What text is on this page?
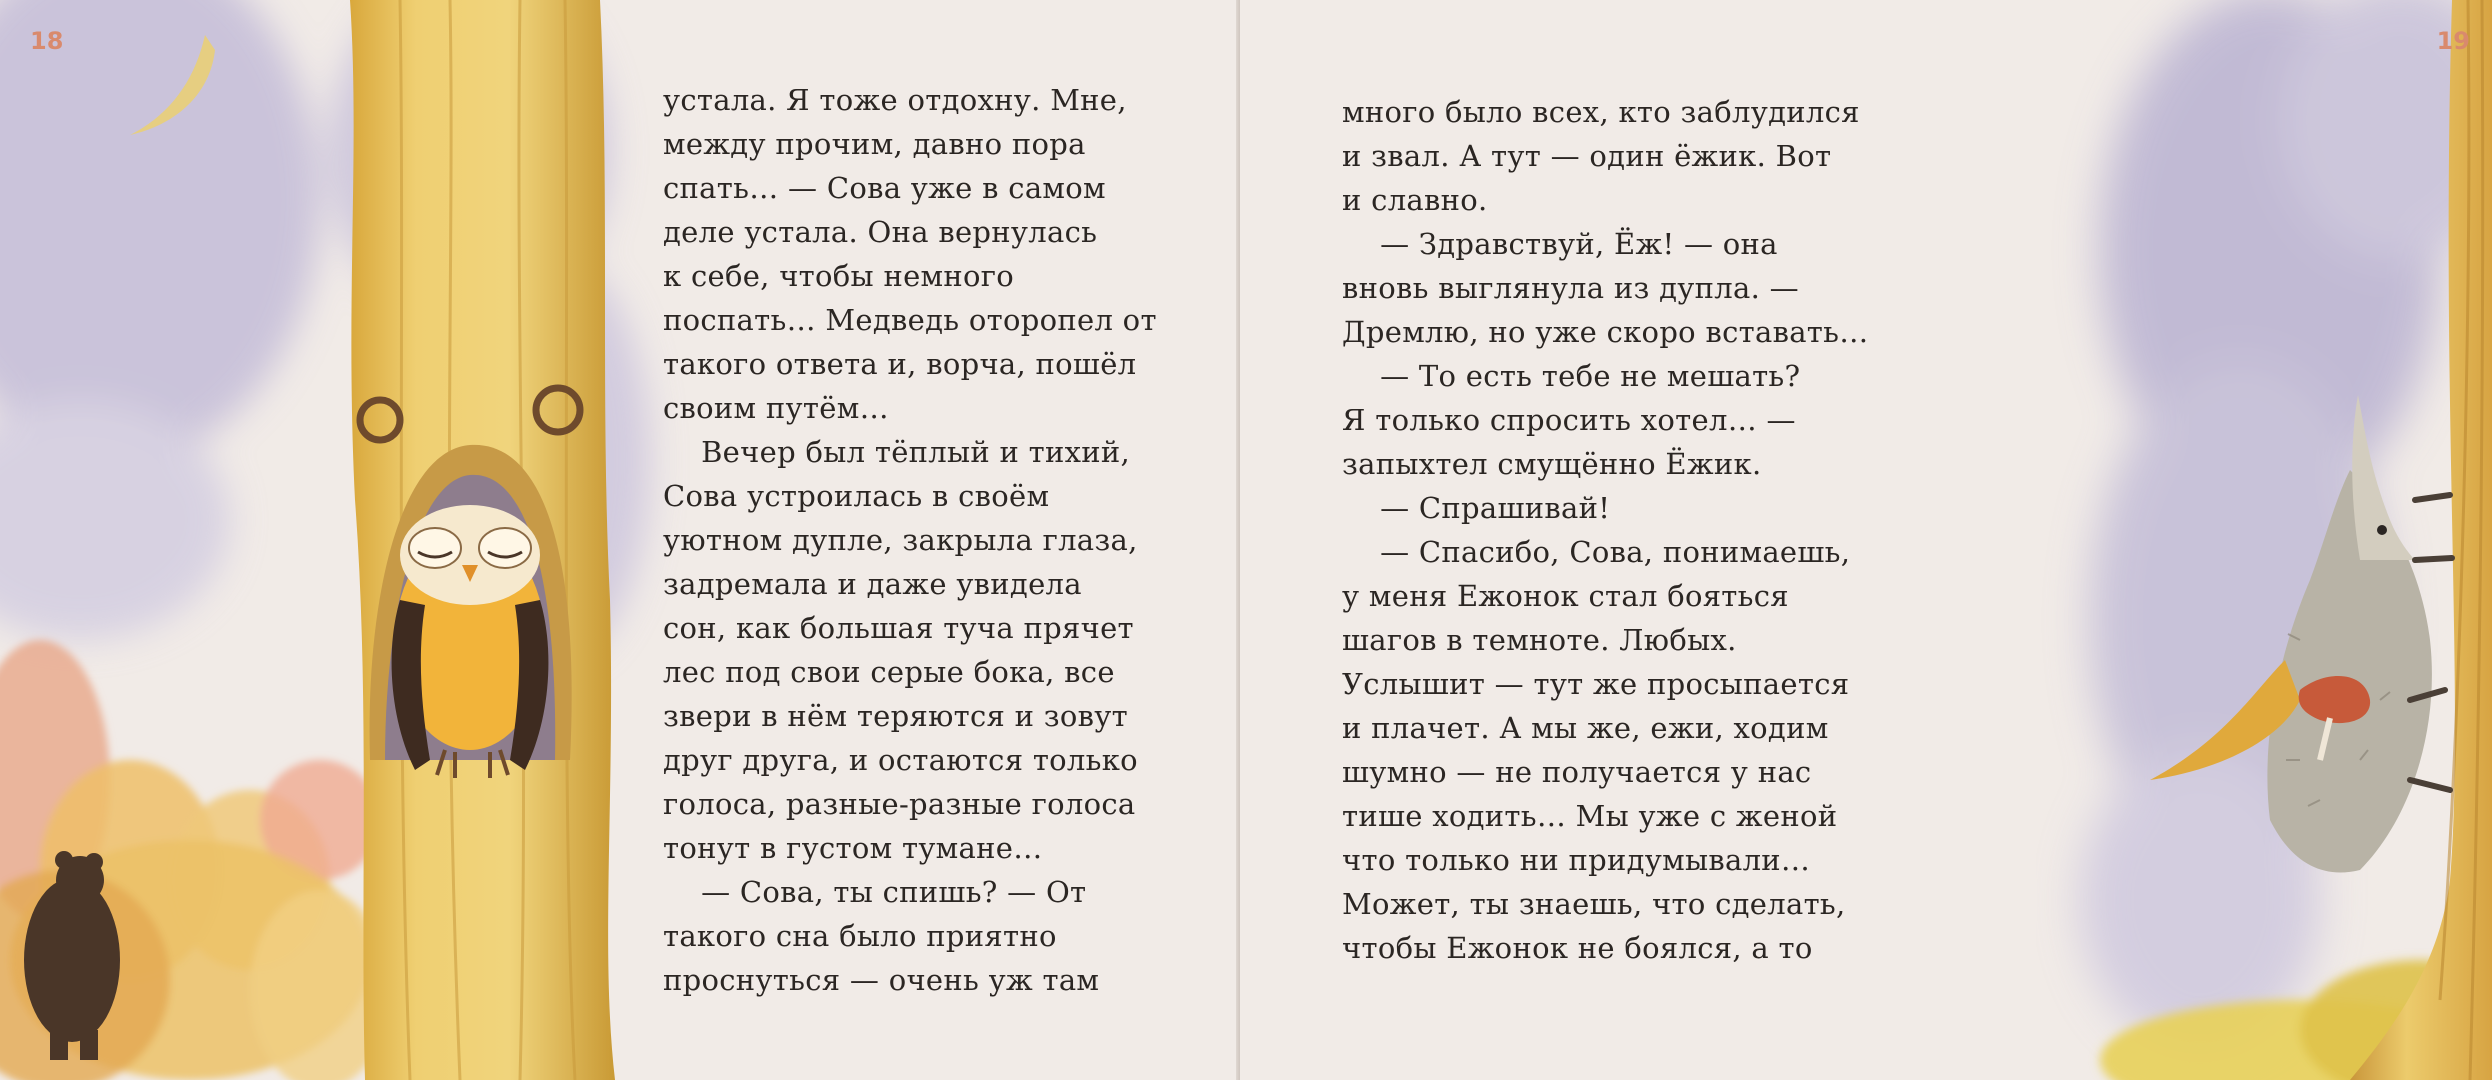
18
устала. Я тоже отдохну. Мне,
между прочим, давно пора
спать… — Сова уже в самом
деле устала. Она вернулась
к себе, чтобы немного
поспать… Медведь оторопел от
такого ответа и, ворча, пошёл
своим путём…
Вечер был тёплый и тихий,
Сова устроилась в своём
уютном дупле, закрыла глаза,
задремала и даже увидела
сон, как большая туча прячет
лес под свои серые бока, все
звери в нём теряются и зовут
друг друга, и остаются только
голоса, разные-разные голоса
тонут в густом тумане…
— Сова, ты спишь? — От
такого сна было приятно
проснуться — очень уж там
19
много было всех, кто заблудился
и звал. А тут — один ёжик. Вот
и славно.
— Здравствуй, Ёж! — она
вновь выглянула из дупла. —
Дремлю, но уже скоро вставать…
— То есть тебе не мешать?
Я только спросить хотел… —
запыхтел смущённо Ёжик.
— Спрашивай!
— Спасибо, Сова, понимаешь,
у меня Ежонок стал бояться
шагов в темноте. Любых.
Услышит — тут же просыпается
и плачет. А мы же, ежи, ходим
шумно — не получается у нас
тише ходить… Мы уже с женой
что только ни придумывали…
Может, ты знаешь, что сделать,
чтобы Ежонок не боялся, а то
